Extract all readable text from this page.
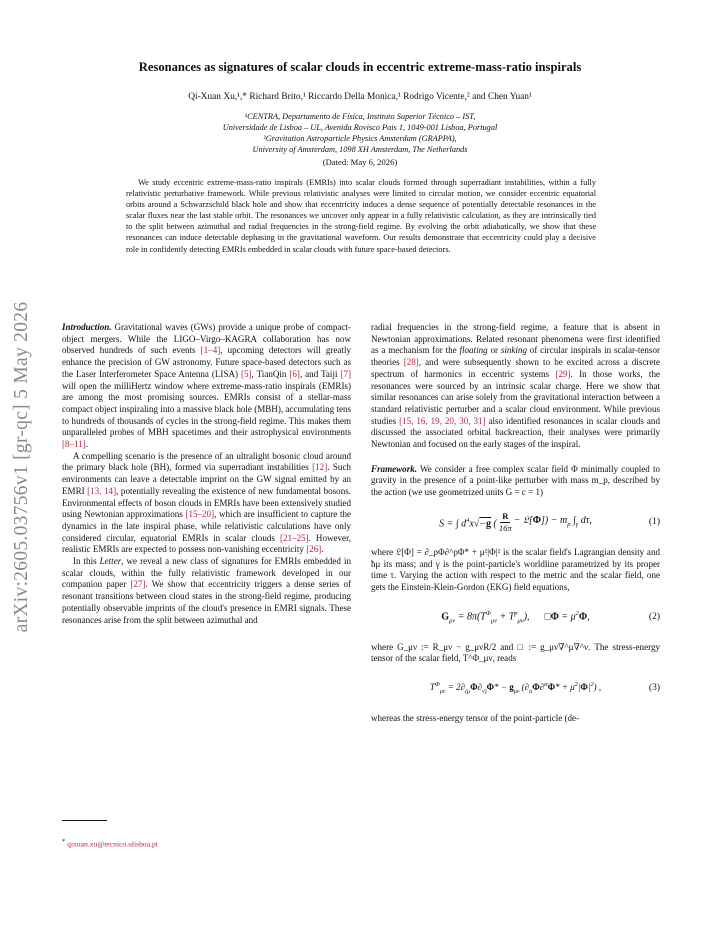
arXiv:2605.03756v1 [gr-qc] 5 May 2026
Resonances as signatures of scalar clouds in eccentric extreme-mass-ratio inspirals
Qi-Xuan Xu,¹,* Richard Brito,¹ Riccardo Della Monica,¹ Rodrigo Vicente,² and Chen Yuan¹
¹CENTRA, Departamento de Física, Instituto Superior Técnico – IST,
Universidade de Lisboa – UL, Avenida Rovisco Pais 1, 1049-001 Lisboa, Portugal
²Gravitation Astroparticle Physics Amsterdam (GRAPPA),
University of Amsterdam, 1098 XH Amsterdam, The Netherlands
(Dated: May 6, 2026)
We study eccentric extreme-mass-ratio inspirals (EMRIs) into scalar clouds formed through superradiant instabilities, within a fully relativistic perturbative framework. While previous relativistic analyses were limited to circular motion, we consider eccentric equatorial orbits around a Schwarzschild black hole and show that eccentricity induces a dense sequence of potentially detectable resonances in the scalar fluxes near the last stable orbit. The resonances we uncover only appear in a fully relativistic calculation, as they are intrinsically tied to the split between azimuthal and radial frequencies in the strong-field regime. By evolving the orbit adiabatically, we show that these resonances can induce detectable dephasing in the gravitational waveform. Our results demonstrate that eccentricity could play a decisive role in confidently detecting EMRIs embedded in scalar clouds with future space-based detectors.

Introduction. Gravitational waves (GWs) provide a unique probe of compact-object mergers. While the LIGO–Virgo–KAGRA collaboration has now observed hundreds of such events [1–4], upcoming detectors will greatly enhance the precision of GW astronomy. Future space-based detectors such as the Laser Interferometer Space Antenna (LISA) [5], TianQin [6], and Taiji [7] will open the milliHertz window where extreme-mass-ratio inspirals (EMRIs) are among the most promising sources. EMRIs consist of a stellar-mass compact object inspiraling into a massive black hole (MBH), accumulating tens to hundreds of thousands of cycles in the strong-field regime. This makes them unparalleled probes of MBH spacetimes and their astrophysical environments [8–11].

A compelling scenario is the presence of an ultralight bosonic cloud around the primary black hole (BH), formed via superradiant instabilities [12]. Such environments can leave a detectable imprint on the GW signal emitted by an EMRI [13, 14], potentially revealing the existence of new fundamental bosons. Environmental effects of boson clouds in EMRIs have been extensively studied using Newtonian approximations [15–20], which are insufficient to capture the dynamics in the late inspiral phase, while relativistic calculations have only considered circular, equatorial EMRIs in scalar clouds [21–25]. However, realistic EMRIs are expected to possess non-vanishing eccentricity [26].

In this Letter, we reveal a new class of signatures for EMRIs embedded in scalar clouds, within the fully relativistic framework developed in our companion paper [27]. We show that eccentricity triggers a dense series of resonant transitions between cloud states in the strong-field regime, producing potentially observable imprints of the cloud's presence in EMRI signals. These resonances arise from the split between azimuthal and

* qixuan.xu@tecnico.ulisboa.pt

radial frequencies in the strong-field regime, a feature that is absent in Newtonian approximations. Related resonant phenomena were first identified as a mechanism for the floating or sinking of circular inspirals in scalar-tensor theories [28], and were subsequently shown to be excited across a discrete spectrum of harmonics in eccentric systems [29]. In those works, the resonances were sourced by an intrinsic scalar charge. Here we show that similar resonances can arise solely from the gravitational interaction between a standard relativistic perturber and a scalar cloud environment. While previous studies [15, 16, 19, 20, 30, 31] also identified resonances in scalar clouds and discussed the associated orbital backreaction, their analyses were primarily Newtonian and focused on the early stages of the inspiral.

Framework. We consider a free complex scalar field Φ minimally coupled to gravity in the presence of a point-like perturber with mass m_p, described by the action (we use geometrized units G = c = 1)

S = ∫ $d^4x√-g$ ( $\frac{R}{16\pi}$ − 𝔏[Φ]) − $m_p$ $\int_\gamma$ dτ,	(1)

where 𝔏[Φ] = ∂_ρΦ∂^ρΦ* + μ²|Φ|² is the scalar field's Lagrangian density and ħμ its mass; and γ is the point-particle's worldline parametrized by its proper time τ. Varying the action with respect to the metric and the scalar field, one gets the Einstein-Klein-Gordon (EKG) field equations,

$G_{\mu\nu} = 8\pi(T^\Phi_{\mu\nu} + T^p_{\mu\nu})$,      □Φ = $\mu^2\Phi$,	(2)

where G_μν := R_μν − g_μνR/2 and □ := g_μν∇^μ∇^ν. The stress-energy tensor of the scalar field, T^Φ_μν, reads

$T^\Phi_{\mu\nu} = 2\partial_{(\mu}\Phi\partial_{\nu)}\Phi* - g_{\mu\nu}$ $(\partial_\alpha\Phi\partial^\alpha\Phi* + \mu^2|\Phi|^2)$ ,	(3)

whereas the stress-energy tensor of the point-particle (de-
